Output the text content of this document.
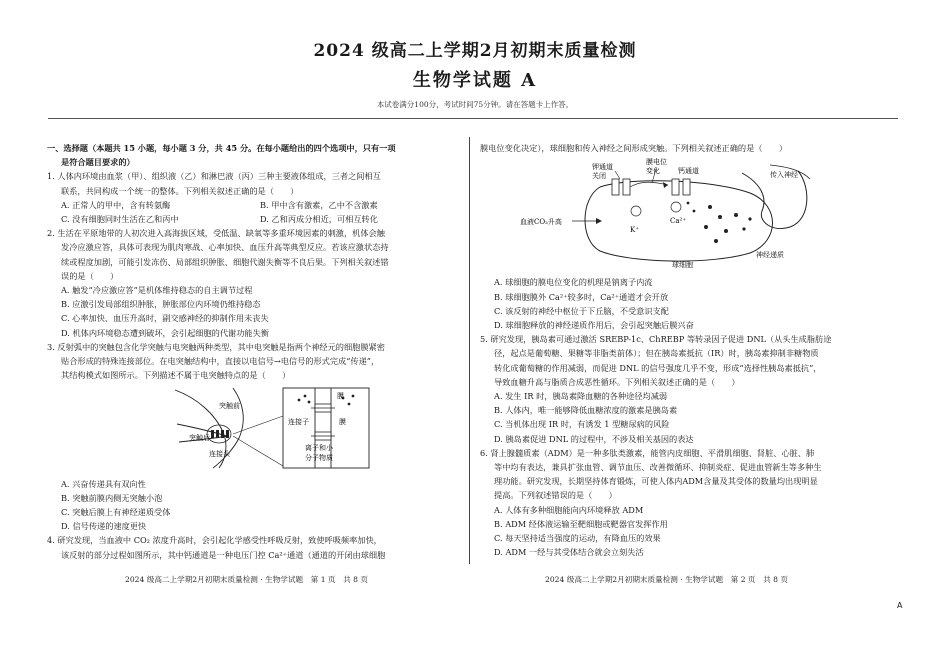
2024 级高二上学期2月初期末质量检测
生物学试题 A
本试卷满分100分，考试时间75分钟。请在答题卡上作答。
一、选择题（本题共 15 小题，每小题 3 分，共 45 分。在每小题给出的四个选项中，只有一项
是符合题目要求的）
1. 人体内环境由血浆（甲）、组织液（乙）和淋巴液（丙）三种主要液体组成，三者之间相互
联系，共同构成一个统一的整体。下列相关叙述正确的是（　　）
A. 正常人的甲中，含有转氨酶	B. 甲中含有激素，乙中不含激素
C. 没有细胞同时生活在乙和丙中	D. 乙和丙成分相近，可相互转化
2. 生活在平原地带的人初次进入高海拔区域，受低温、缺氧等多重环境因素的刺激，机体会触
发冷应激应答，具体可表现为肌肉寒战、心率加快、血压升高等典型反应。若该应激状态持
续或程度加剧，可能引发冻伤、局部组织肿胀、细胞代谢失衡等不良后果。下列相关叙述错
误的是（　　）
A. 触发“冷应激应答”是机体维持稳态的自主调节过程
B. 应激引发局部组织肿胀，肿胀部位内环境仍维持稳态
C. 心率加快、血压升高时，副交感神经的抑制作用未丧失
D. 机体内环境稳态遭到破坏，会引起细胞的代谢功能失衡
3. 反射弧中的突触包含化学突触与电突触两种类型，其中电突触是指两个神经元的细胞膜紧密
贴合形成的特殊连接部位。在电突触结构中，直接以电信号→电信号的形式完成“传递”，
其结构模式如图所示。下列描述不属于电突触特点的是（　　）
突触后
突触前
连接头
膜
连接子	膜
离子和小
分子物质
A. 兴奋传递具有双向性
B. 突触前膜内侧无突触小泡
C. 突触后膜上有神经递质受体
D. 信号传递的速度更快
4. 研究发现，当血液中 CO₂ 浓度升高时，会引起化学感受性呼吸反射，致使呼吸频率加快，
该反射的部分过程如图所示，其中钙通道是一种电压门控 Ca²⁺通道（通道的开闭由球细胞
膜电位变化决定），球细胞和传入神经之间形成突触。下列相关叙述正确的是（　　）
钾通道
关闭
膜电位
变化	钙通道	传入神经
血液CO₂升高
K⁺
Ca²⁺
球细胞
神经递质
A. 球细胞的膜电位变化的机理是钠离子内流
B. 球细胞膜外 Ca²⁺较多时，Ca²⁺通道才会开放
C. 该反射的神经中枢位于下丘脑，不受意识支配
D. 球细胞释放的神经递质作用后，会引起突触后膜兴奋
5. 研究发现，胰岛素可通过激活 SREBP-1c、ChREBP 等转录因子促进 DNL（从头生成脂肪途
径，起点是葡萄糖、果糖等非脂类前体）；但在胰岛素抵抗（IR）时，胰岛素抑制非糖物质
转化成葡萄糖的作用减弱，而促进 DNL 的信号强度几乎不变，形成“选择性胰岛素抵抗”，
导致血糖升高与脂质合成恶性循环。下列相关叙述正确的是（　　）
A. 发生 IR 时，胰岛素降血糖的各种途径均减弱
B. 人体内，唯一能够降低血糖浓度的激素是胰岛素
C. 当机体出现 IR 时，有诱发 1 型糖尿病的风险
D. 胰岛素促进 DNL 的过程中，不涉及相关基因的表达
6. 肾上腺髓质素（ADM）是一种多肽类激素，能管内皮细胞、平滑肌细胞、肾脏、心脏、肺
等中均有表达，兼具扩张血管、调节血压、改善微循环、抑制炎症、促进血管新生等多种生
理功能。研究发现，长期坚持体育锻炼，可使人体内ADM含量及其受体的数量均出现明显
提高。下列叙述错误的是（　　）
A. 人体有多种细胞能向内环境释放 ADM
B. ADM 经体液运输至靶细胞或靶器官发挥作用
C. 每天坚持适当强度的运动，有降血压的效果
D. ADM 一经与其受体结合就会立刻失活
2024 级高二上学期2月初期末质量检测 · 生物学试题　第 1 页　共 8 页	2024 级高二上学期2月初期末质量检测 · 生物学试题　第 2 页　共 8 页
A
